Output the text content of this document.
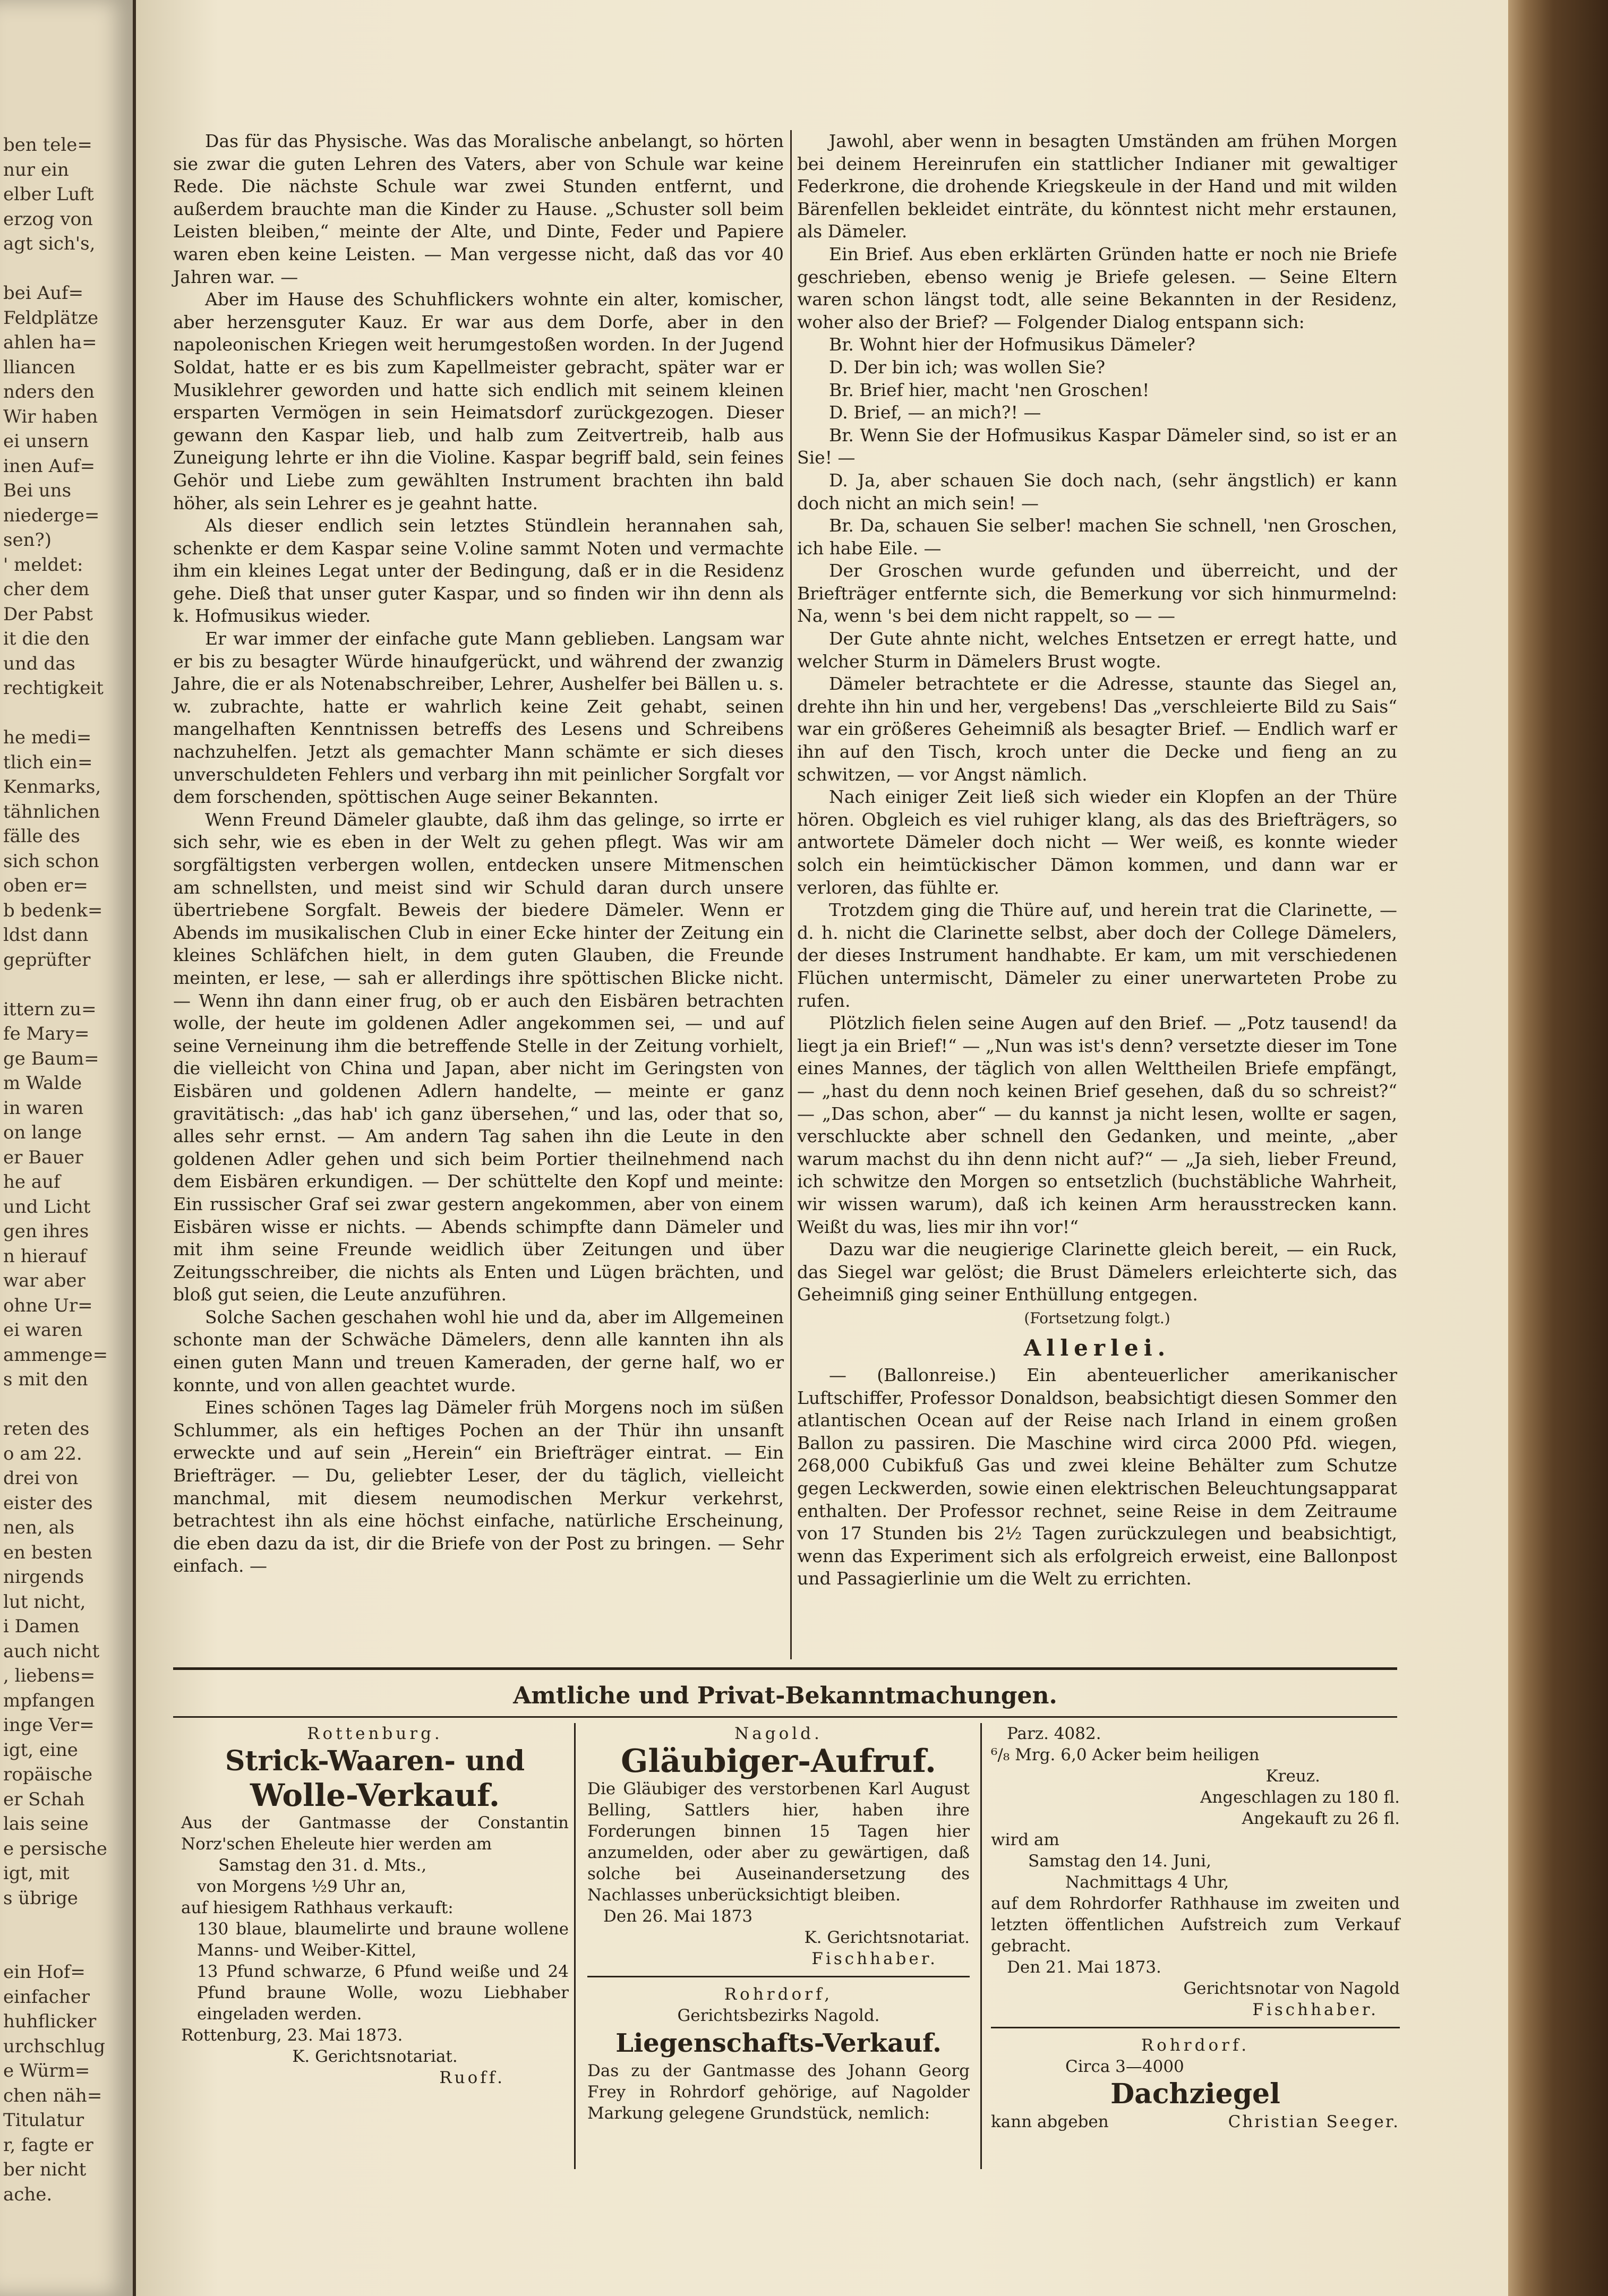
ben tele=
nur ein
elber Luft
erzog von
agt sich's,

bei Auf=
Feldplätze
ahlen ha=
lliancen
nders den
Wir haben
ei unsern
inen Auf=
Bei uns
niederge=
sen?)
' meldet:
cher dem
Der Pabst
it die den
und das
rechtigkeit

he medi=
tlich ein=
Kenmarks,
tähnlichen
fälle des
sich schon
oben er=
b bedenk=
ldst dann
geprüfter

ittern zu=
fe Mary=
ge Baum=
m Walde
in waren
on lange
er Bauer
he auf
und Licht
gen ihres
n hierauf
war aber
ohne Ur=
ei waren
ammenge=
s mit den

reten des
o am 22.
drei von
eister des
nen, als
en besten
nirgends
lut nicht,
i Damen
auch nicht
, liebens=
mpfangen
inge Ver=
igt, eine
ropäische
er Schah
lais seine
e persische
igt, mit
s übrige

ein Hof=
einfacher
huhflicker
urchschlug
e Würm=
chen näh=
Titulatur
r, fagte er
ber nicht
ache.

Das für das Physische. Was das Moralische anbelangt, so hörten sie zwar die guten Lehren des Vaters, aber von Schule war keine Rede. Die nächste Schule war zwei Stunden entfernt, und außerdem brauchte man die Kinder zu Hause. „Schuster soll beim Leisten bleiben,“ meinte der Alte, und Dinte, Feder und Papiere waren eben keine Leisten. — Man vergesse nicht, daß das vor 40 Jahren war. —

Aber im Hause des Schuhflickers wohnte ein alter, komischer, aber herzensguter Kauz. Er war aus dem Dorfe, aber in den napoleonischen Kriegen weit herumgestoßen worden. In der Jugend Soldat, hatte er es bis zum Kapellmeister gebracht, später war er Musiklehrer geworden und hatte sich endlich mit seinem kleinen ersparten Vermögen in sein Heimatsdorf zurückgezogen. Dieser gewann den Kaspar lieb, und halb zum Zeitvertreib, halb aus Zuneigung lehrte er ihn die Violine. Kaspar begriff bald, sein feines Gehör und Liebe zum gewählten Instrument brachten ihn bald höher, als sein Lehrer es je geahnt hatte.

Als dieser endlich sein letztes Stündlein herannahen sah, schenkte er dem Kaspar seine V.oline sammt Noten und vermachte ihm ein kleines Legat unter der Bedingung, daß er in die Residenz gehe. Dieß that unser guter Kaspar, und so finden wir ihn denn als k. Hofmusikus wieder.

Er war immer der einfache gute Mann geblieben. Langsam war er bis zu besagter Würde hinaufgerückt, und während der zwanzig Jahre, die er als Notenabschreiber, Lehrer, Aushelfer bei Bällen u. s. w. zubrachte, hatte er wahrlich keine Zeit gehabt, seinen mangelhaften Kenntnissen betreffs des Lesens und Schreibens nachzuhelfen. Jetzt als gemachter Mann schämte er sich dieses unverschuldeten Fehlers und verbarg ihn mit peinlicher Sorgfalt vor dem forschenden, spöttischen Auge seiner Bekannten.

Wenn Freund Dämeler glaubte, daß ihm das gelinge, so irrte er sich sehr, wie es eben in der Welt zu gehen pflegt. Was wir am sorgfältigsten verbergen wollen, entdecken unsere Mitmenschen am schnellsten, und meist sind wir Schuld daran durch unsere übertriebene Sorgfalt. Beweis der biedere Dämeler. Wenn er Abends im musikalischen Club in einer Ecke hinter der Zeitung ein kleines Schläfchen hielt, in dem guten Glauben, die Freunde meinten, er lese, — sah er allerdings ihre spöttischen Blicke nicht. — Wenn ihn dann einer frug, ob er auch den Eisbären betrachten wolle, der heute im goldenen Adler angekommen sei, — und auf seine Verneinung ihm die betreffende Stelle in der Zeitung vorhielt, die vielleicht von China und Japan, aber nicht im Geringsten von Eisbären und goldenen Adlern handelte, — meinte er ganz gravitätisch: „das hab' ich ganz übersehen,“ und las, oder that so, alles sehr ernst. — Am andern Tag sahen ihn die Leute in den goldenen Adler gehen und sich beim Portier theilnehmend nach dem Eisbären erkundigen. — Der schüttelte den Kopf und meinte: Ein russischer Graf sei zwar gestern angekommen, aber von einem Eisbären wisse er nichts. — Abends schimpfte dann Dämeler und mit ihm seine Freunde weidlich über Zeitungen und über Zeitungsschreiber, die nichts als Enten und Lügen brächten, und bloß gut seien, die Leute anzuführen.

Solche Sachen geschahen wohl hie und da, aber im Allgemeinen schonte man der Schwäche Dämelers, denn alle kannten ihn als einen guten Mann und treuen Kameraden, der gerne half, wo er konnte, und von allen geachtet wurde.

Eines schönen Tages lag Dämeler früh Morgens noch im süßen Schlummer, als ein heftiges Pochen an der Thür ihn unsanft erweckte und auf sein „Herein“ ein Briefträger eintrat. — Ein Briefträger. — Du, geliebter Leser, der du täglich, vielleicht manchmal, mit diesem neumodischen Merkur verkehrst, betrachtest ihn als eine höchst einfache, natürliche Erscheinung, die eben dazu da ist, dir die Briefe von der Post zu bringen. — Sehr einfach. —

Jawohl, aber wenn in besagten Umständen am frühen Morgen bei deinem Hereinrufen ein stattlicher Indianer mit gewaltiger Federkrone, die drohende Kriegskeule in der Hand und mit wilden Bärenfellen bekleidet einträte, du könntest nicht mehr erstaunen, als Dämeler.

Ein Brief. Aus eben erklärten Gründen hatte er noch nie Briefe geschrieben, ebenso wenig je Briefe gelesen. — Seine Eltern waren schon längst todt, alle seine Bekannten in der Residenz, woher also der Brief? — Folgender Dialog entspann sich:

Br. Wohnt hier der Hofmusikus Dämeler?

D. Der bin ich; was wollen Sie?

Br. Brief hier, macht 'nen Groschen!

D. Brief, — an mich?! —

Br. Wenn Sie der Hofmusikus Kaspar Dämeler sind, so ist er an Sie! —

D. Ja, aber schauen Sie doch nach, (sehr ängstlich) er kann doch nicht an mich sein! —

Br. Da, schauen Sie selber! machen Sie schnell, 'nen Groschen, ich habe Eile. —

Der Groschen wurde gefunden und überreicht, und der Briefträger entfernte sich, die Bemerkung vor sich hinmurmelnd: Na, wenn 's bei dem nicht rappelt, so — —

Der Gute ahnte nicht, welches Entsetzen er erregt hatte, und welcher Sturm in Dämelers Brust wogte.

Dämeler betrachtete er die Adresse, staunte das Siegel an, drehte ihn hin und her, vergebens! Das „verschleierte Bild zu Sais“ war ein größeres Geheimniß als besagter Brief. — Endlich warf er ihn auf den Tisch, kroch unter die Decke und fieng an zu schwitzen, — vor Angst nämlich.

Nach einiger Zeit ließ sich wieder ein Klopfen an der Thüre hören. Obgleich es viel ruhiger klang, als das des Briefträgers, so antwortete Dämeler doch nicht — Wer weiß, es konnte wieder solch ein heimtückischer Dämon kommen, und dann war er verloren, das fühlte er.

Trotzdem ging die Thüre auf, und herein trat die Clarinette, — d. h. nicht die Clarinette selbst, aber doch der College Dämelers, der dieses Instrument handhabte. Er kam, um mit verschiedenen Flüchen untermischt, Dämeler zu einer unerwarteten Probe zu rufen.

Plötzlich fielen seine Augen auf den Brief. — „Potz tausend! da liegt ja ein Brief!“ — „Nun was ist's denn? versetzte dieser im Tone eines Mannes, der täglich von allen Welttheilen Briefe empfängt, — „hast du denn noch keinen Brief gesehen, daß du so schreist?“ — „Das schon, aber“ — du kannst ja nicht lesen, wollte er sagen, verschluckte aber schnell den Gedanken, und meinte, „aber warum machst du ihn denn nicht auf?“ — „Ja sieh, lieber Freund, ich schwitze den Morgen so entsetzlich (buchstäbliche Wahrheit, wir wissen warum), daß ich keinen Arm herausstrecken kann. Weißt du was, lies mir ihn vor!“

Dazu war die neugierige Clarinette gleich bereit, — ein Ruck, das Siegel war gelöst; die Brust Dämelers erleichterte sich, das Geheimniß ging seiner Enthüllung entgegen.

(Fortsetzung folgt.)
Allerlei.

— (Ballonreise.) Ein abenteuerlicher amerikanischer Luftschiffer, Professor Donaldson, beabsichtigt diesen Sommer den atlantischen Ocean auf der Reise nach Irland in einem großen Ballon zu passiren. Die Maschine wird circa 2000 Pfd. wiegen, 268,000 Cubikfuß Gas und zwei kleine Behälter zum Schutze gegen Leckwerden, sowie einen elektrischen Beleuchtungsapparat enthalten. Der Professor rechnet, seine Reise in dem Zeitraume von 17 Stunden bis 2½ Tagen zurückzulegen und beabsichtigt, wenn das Experiment sich als erfolgreich erweist, eine Ballonpost und Passagierlinie um die Welt zu errichten.

Amtliche und Privat-Bekanntmachungen.
Rottenburg.
Strick-Waaren- und
Wolle-Verkauf.

Aus der Gantmasse der Constantin Norz'schen Eheleute hier werden am

Samstag den 31. d. Mts.,

von Morgens ½9 Uhr an,

auf hiesigem Rathhaus verkauft:

130 blaue, blaumelirte und braune wollene Manns- und Weiber-Kittel,

13 Pfund schwarze, 6 Pfund weiße und 24 Pfund braune Wolle, wozu Liebhaber eingeladen werden.

Rottenburg, 23. Mai 1873.

K. Gerichtsnotariat.

Ruoff.

Nagold.
Gläubiger-Aufruf.

Die Gläubiger des verstorbenen Karl August Belling, Sattlers hier, haben ihre Forderungen binnen 15 Tagen hier anzumelden, oder aber zu gewärtigen, daß solche bei Auseinandersetzung des Nachlasses unberücksichtigt bleiben.

Den 26. Mai 1873

K. Gerichtsnotariat.

Fischhaber.

Rohrdorf,
Gerichtsbezirks Nagold.
Liegenschafts-Verkauf.

Das zu der Gantmasse des Johann Georg Frey in Rohrdorf gehörige, auf Nagolder Markung gelegene Grundstück, nemlich:

Parz. 4082.

⁶/₈ Mrg. 6,0 Acker beim heiligen

Kreuz.

Angeschlagen zu 180 fl.

Angekauft zu 26 fl.

wird am

Samstag den 14. Juni,

Nachmittags 4 Uhr,

auf dem Rohrdorfer Rathhause im zweiten und letzten öffentlichen Aufstreich zum Verkauf gebracht.

Den 21. Mai 1873.

Gerichtsnotar von Nagold

Fischhaber.

Rohrdorf.

Circa 3—4000

Dachziegel
kann abgeben	Christian Seeger.
